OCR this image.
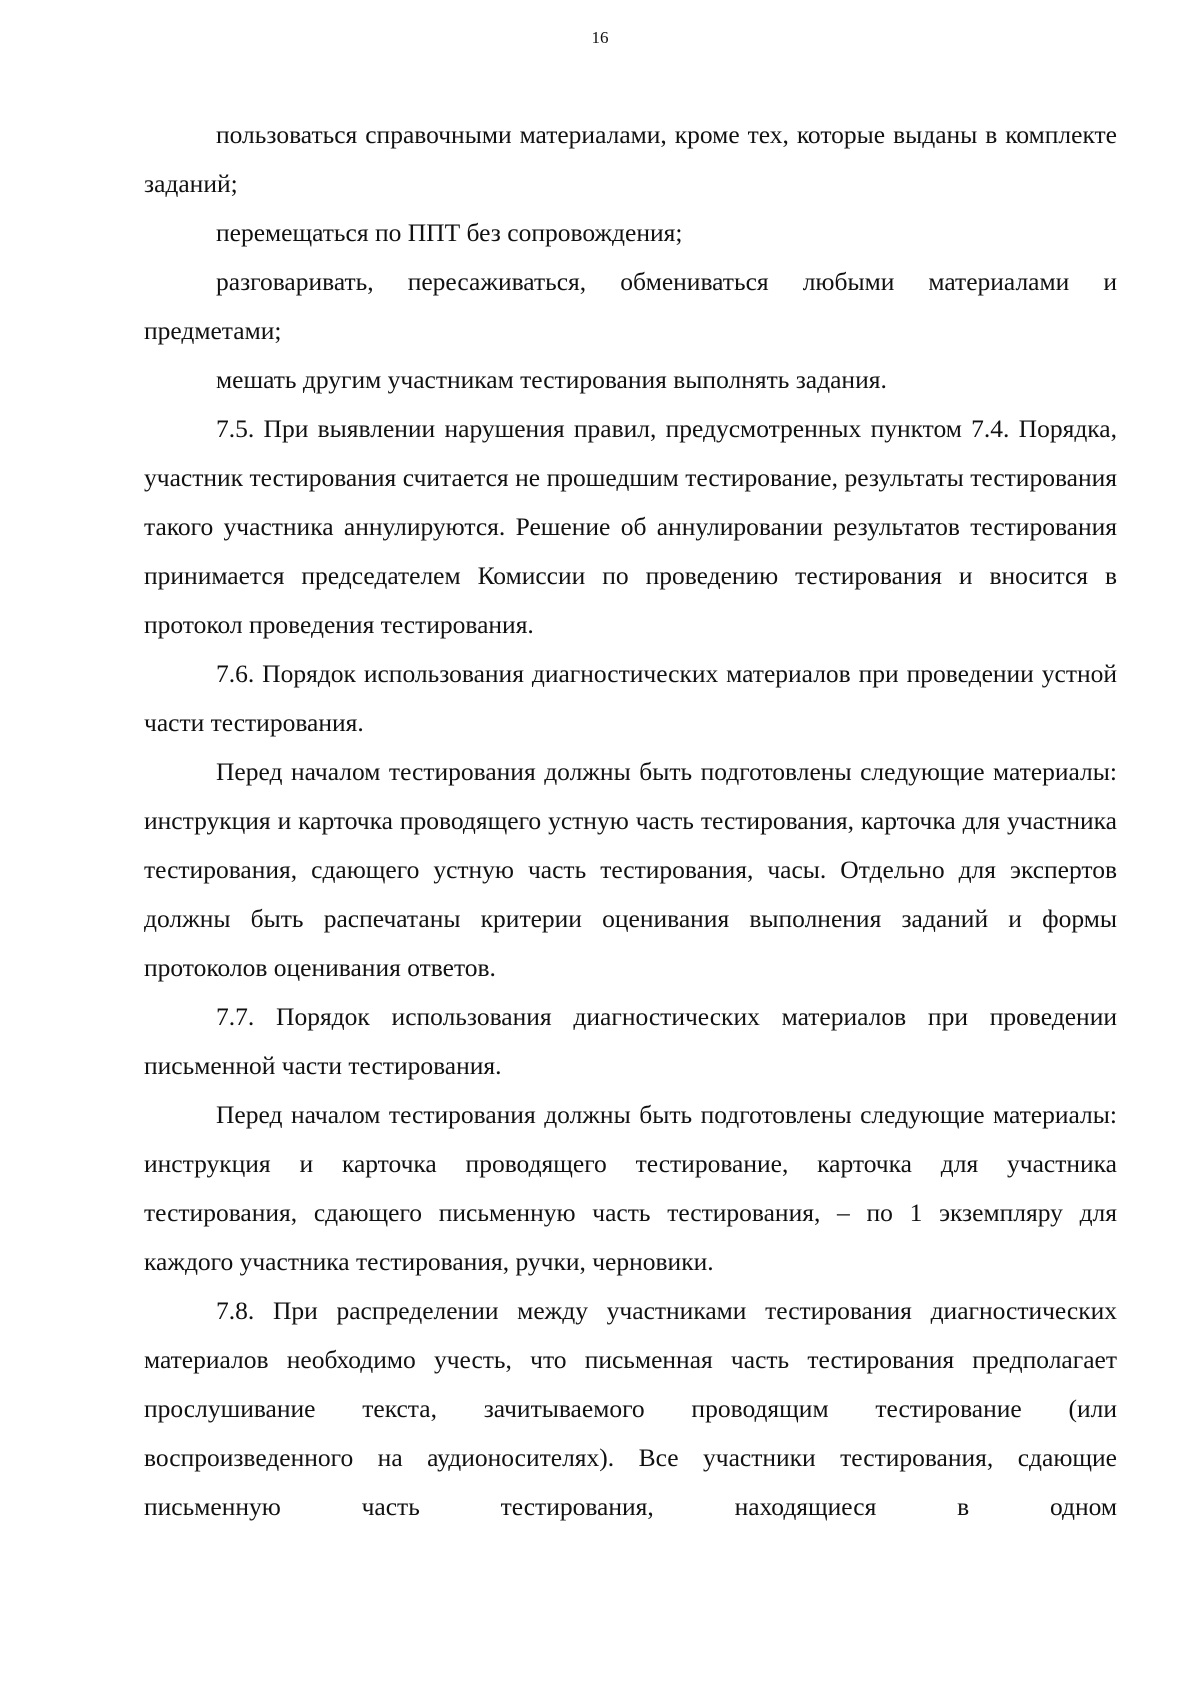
16

пользоваться справочными материалами, кроме тех, которые выданы в комплекте заданий;

перемещаться по ППТ без сопровождения;

разговаривать, пересаживаться, обмениваться любыми материалами и предметами;

мешать другим участникам тестирования выполнять задания.

7.5. При выявлении нарушения правил, предусмотренных пунктом 7.4. Порядка, участник тестирования считается не прошедшим тестирование, результаты тестирования такого участника аннулируются. Решение об аннулировании результатов тестирования принимается председателем Комиссии по проведению тестирования и вносится в протокол проведения тестирования.

7.6. Порядок использования диагностических материалов при проведении устной части тестирования.

Перед началом тестирования должны быть подготовлены следующие материалы: инструкция и карточка проводящего устную часть тестирования, карточка для участника тестирования, сдающего устную часть тестирования, часы. Отдельно для экспертов должны быть распечатаны критерии оценивания выполнения заданий и формы протоколов оценивания ответов.

7.7. Порядок использования диагностических материалов при проведении письменной части тестирования.

Перед началом тестирования должны быть подготовлены следующие материалы: инструкция и карточка проводящего тестирование, карточка для участника тестирования, сдающего письменную часть тестирования, – по 1 экземпляру для каждого участника тестирования, ручки, черновики.

7.8. При распределении между участниками тестирования диагностических материалов необходимо учесть, что письменная часть тестирования предполагает прослушивание текста, зачитываемого проводящим тестирование (или воспроизведенного на аудионосителях). Все участники тестирования, сдающие письменную часть тестирования, находящиеся в одном
